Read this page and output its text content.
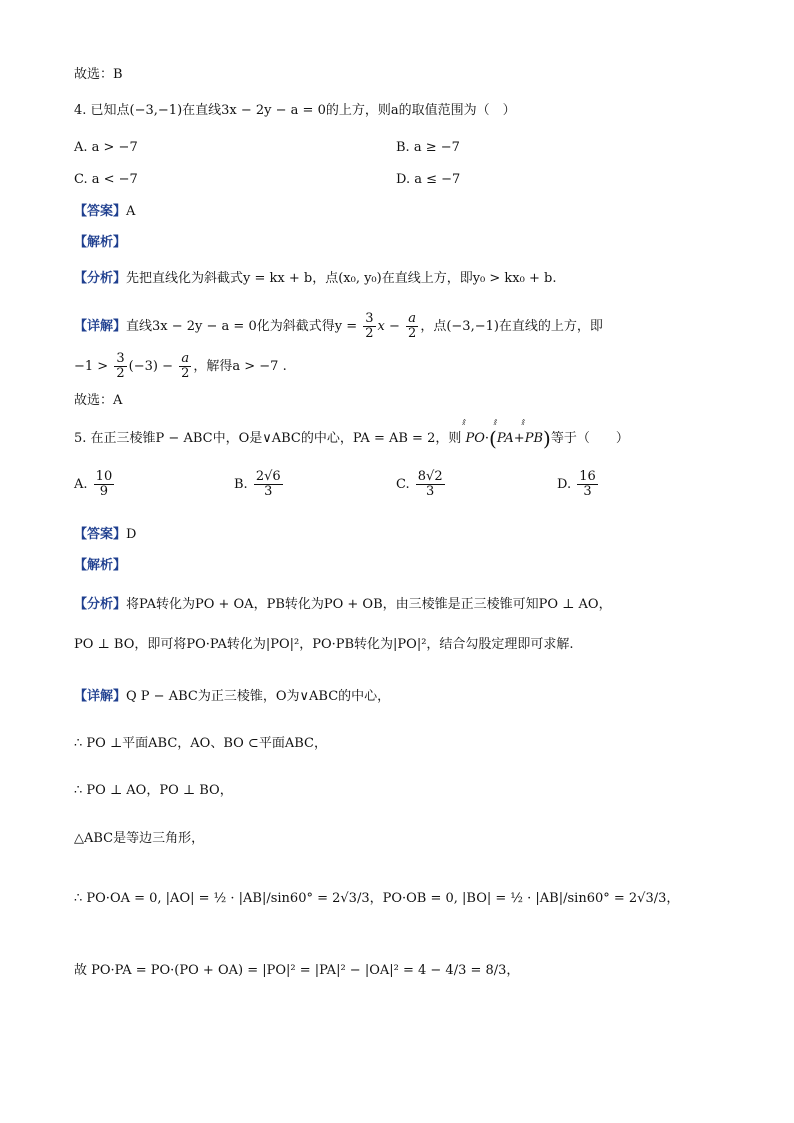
故选：B
4. 已知点(−3,−1)在直线3x − 2y − a = 0的上方，则a的取值范围为（　）
A. a > −7	B. a ≥ −7
C. a < −7	D. a ≤ −7
【答案】A
【解析】
【分析】先把直线化为斜截式y = kx + b，点(x₀, y₀)在直线上方，即y₀ > kx₀ + b.
【详解】直线3x − 2y − a = 0化为斜截式得$y = \frac{3}{2}$ $x - \frac{a}{2}$ ，点(−3,−1)在直线的上方，即
$-1 > \frac{3}{2} (-3) - \frac{a}{2}$ ，解得a > −7 .
故选：A
5. 在正三棱锥P − ABC中，O是∨ABC的中心，PA = AB = 2，则 ̂̂̂ PO·(̂̂̂ PA+̂̂̂ PB)等于（　　）
A. $\frac{10}{9}$	B. $\frac{2√6}{3}$	C. $\frac{8√2}{3}$	D. $\frac{16}{3}$
【答案】D
【解析】
【分析】将PA转化为PO + OA，PB转化为PO + OB，由三棱锥是正三棱锥可知PO ⊥ AO，
PO ⊥ BO，即可将PO·PA转化为|PO|²，PO·PB转化为|PO|²，结合勾股定理即可求解.
【详解】Q P − ABC为正三棱锥，O为∨ABC的中心，
∴ PO ⊥平面ABC，AO、BO ⊂平面ABC，
∴ PO ⊥ AO，PO ⊥ BO，
△ABC是等边三角形，
∴ PO·OA = 0, |AO| = ½ · |AB|/sin60° = 2√3/3，PO·OB = 0, |BO| = ½ · |AB|/sin60° = 2√3/3，
故 PO·PA = PO·(PO + OA) = |PO|² = |PA|² − |OA|² = 4 − 4/3 = 8/3，
